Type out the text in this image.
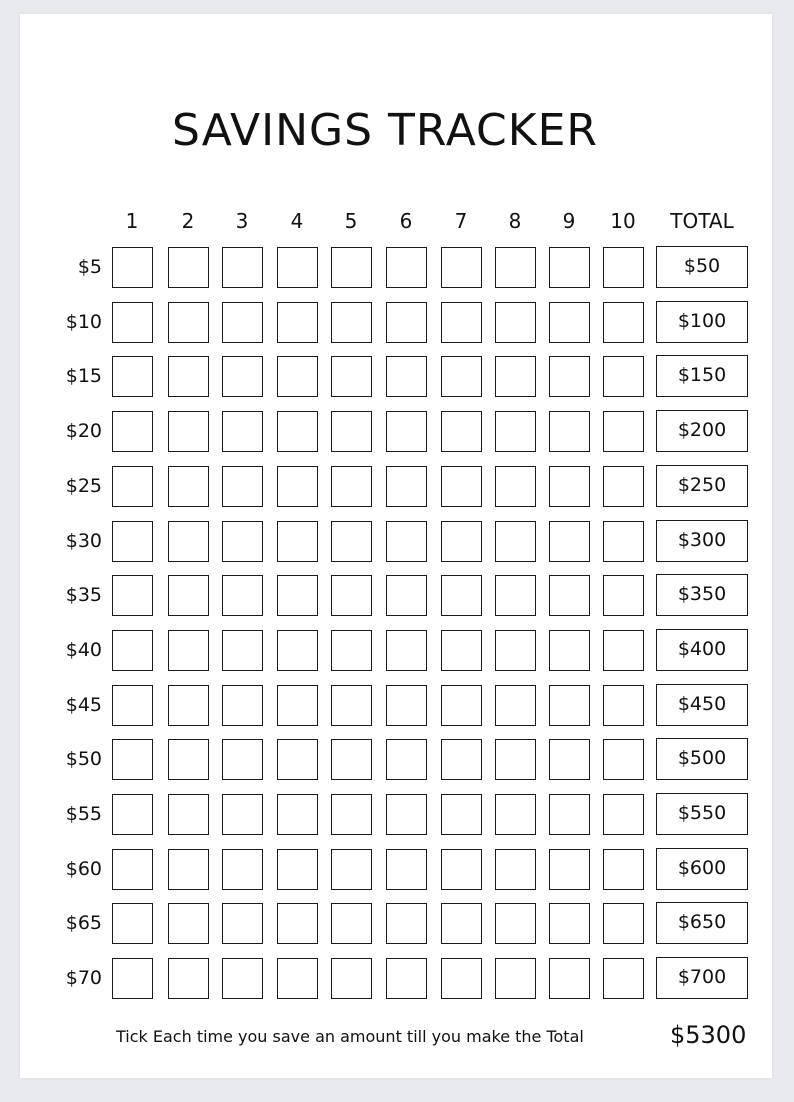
SAVINGS TRACKER
1 2 3 4 5 6 7 8 9 10 TOTAL
$5	$50
$10	$100
$15	$150
$20	$200
$25	$250
$30	$300
$35	$350
$40	$400
$45	$450
$50	$500
$55	$550
$60	$600
$65	$650
$70	$700
Tick Each time you save an amount till you make the Total	$5300
